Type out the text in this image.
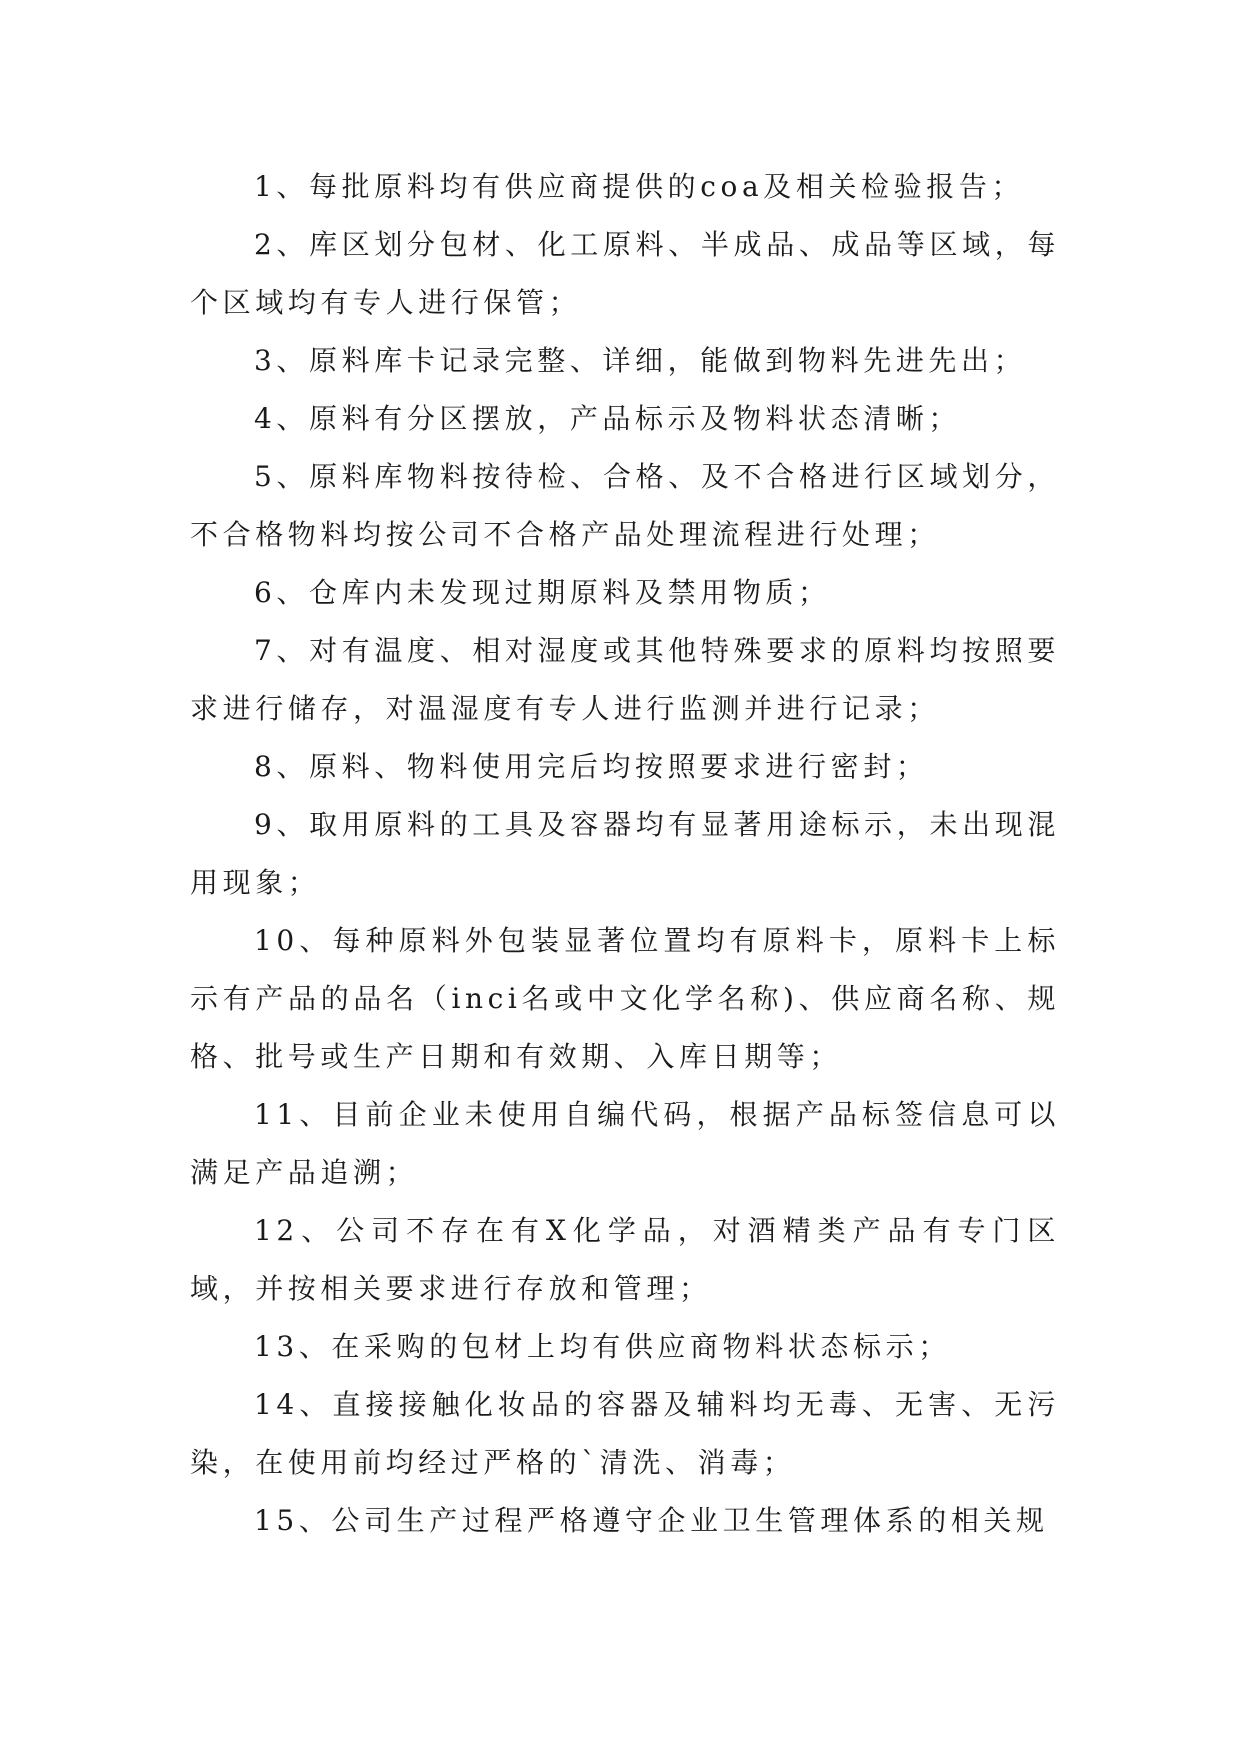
1、每批原料均有供应商提供的coa及相关检验报告；

2、库区划分包材、化工原料、半成品、成品等区域，每个区域均有专人进行保管；

3、原料库卡记录完整、详细，能做到物料先进先出；

4、原料有分区摆放，产品标示及物料状态清晰；

5、原料库物料按待检、合格、及不合格进行区域划分，不合格物料均按公司不合格产品处理流程进行处理；

6、仓库内未发现过期原料及禁用物质；

7、对有温度、相对湿度或其他特殊要求的原料均按照要求进行储存，对温湿度有专人进行监测并进行记录；

8、原料、物料使用完后均按照要求进行密封；

9、取用原料的工具及容器均有显著用途标示，未出现混用现象；

10、每种原料外包装显著位置均有原料卡，原料卡上标示有产品的品名（inci名或中文化学名称)、供应商名称、规格、批号或生产日期和有效期、入库日期等；

11、目前企业未使用自编代码，根据产品标签信息可以满足产品追溯；

12、公司不存在有X化学品，对酒精类产品有专门区域，并按相关要求进行存放和管理；

13、在采购的包材上均有供应商物料状态标示；

14、直接接触化妆品的容器及辅料均无毒、无害、无污染，在使用前均经过严格的`清洗、消毒；

15、公司生产过程严格遵守企业卫生管理体系的相关规
